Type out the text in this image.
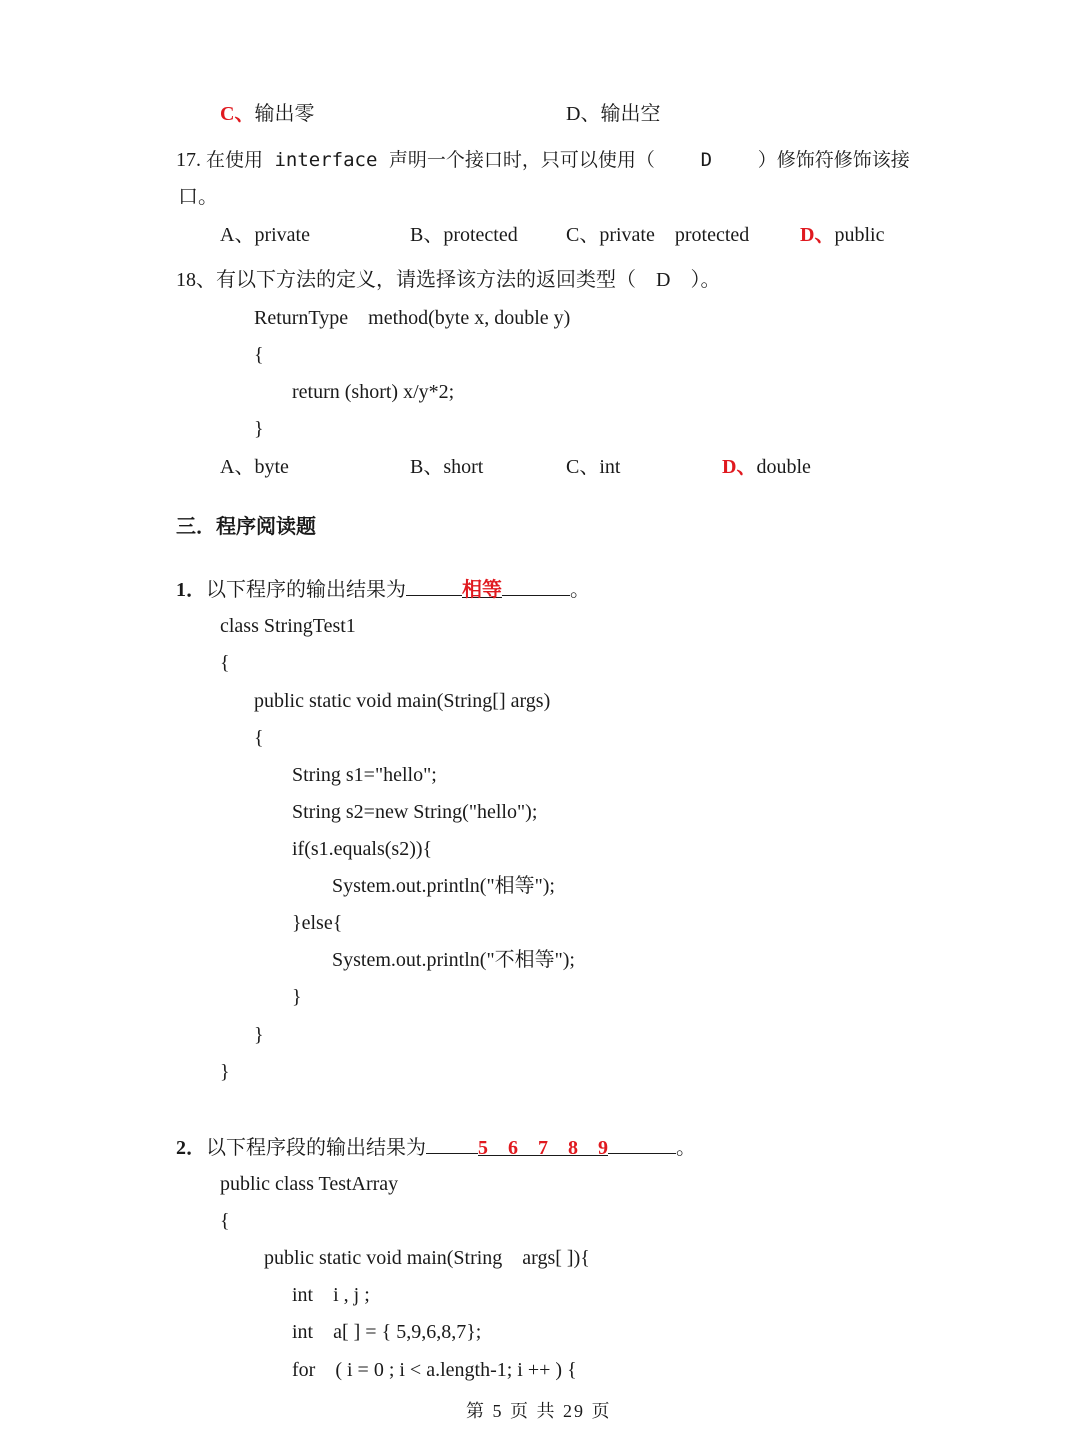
C、输出零	D、输出空
17. 在使用 interface 声明一个接口时，只可以使用（    D    ）修饰符修饰该接
口。
A、private	B、protected C、private    protected	D、public
18、有以下方法的定义，请选择该方法的返回类型（    D    ）。
ReturnType    method(byte x, double y)
{
return (short) x/y*2;
}
A、byte	B、short	C、int	D、double
三．程序阅读题
1．以下程序的输出结果为	相等	。
class StringTest1
{
public static void main(String[] args)
{
String s1="hello";
String s2=new String("hello");
if(s1.equals(s2)){
System.out.println("相等");
}else{
System.out.println("不相等");
}
}
}
2．以下程序段的输出结果为	5    6    7    8    9	。
public class TestArray
{
public static void main(String    args[ ]){
int    i , j ;
int    a[ ] = { 5,9,6,8,7};
for    ( i = 0 ; i < a.length-1; i ++ ) {
第 5 页 共 29 页
